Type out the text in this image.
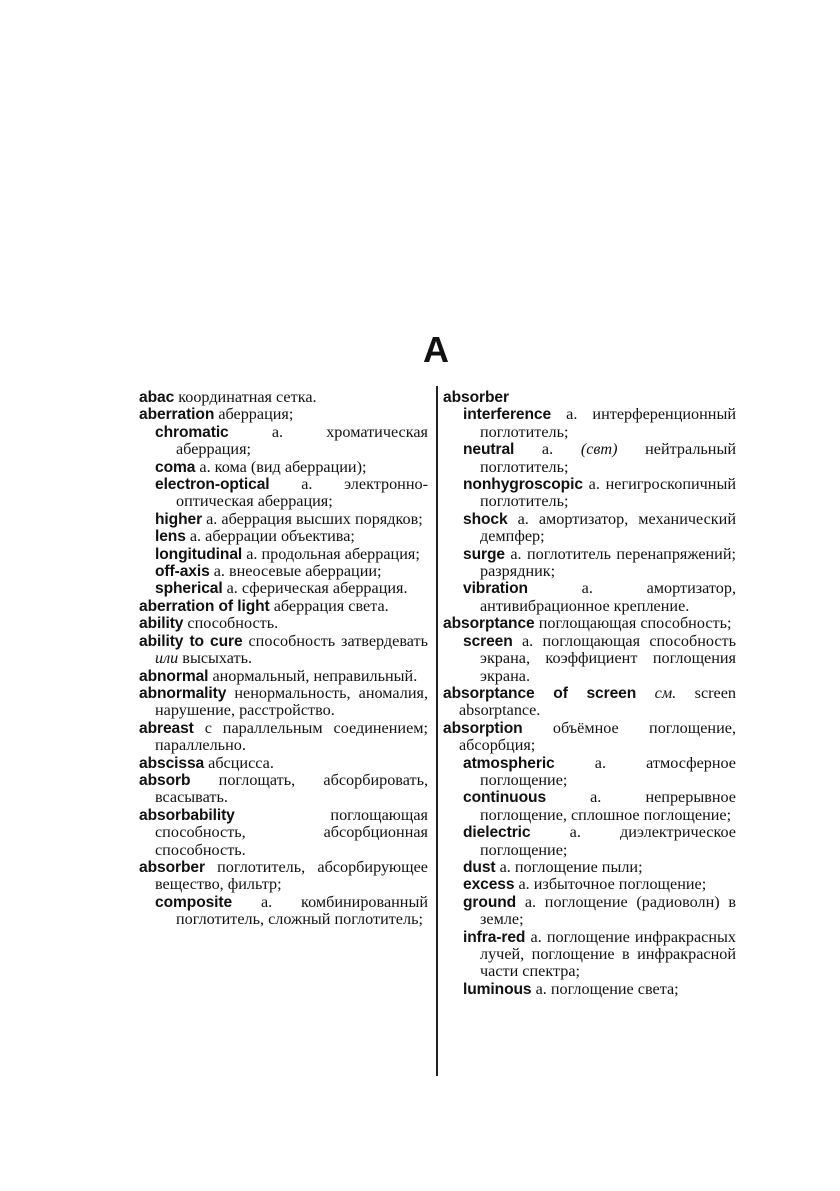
A
abac координатная сетка.
aberration аберрация;
chromatic a. хроматическая аберрация;
coma a. кома (вид аберрации);
electron-optical a. электронно-оптическая аберрация;
higher a. аберрация высших порядков;
lens a. аберрации объектива;
longitudinal a. продольная аберрация;
off-axis a. внеосевые аберрации;
spherical a. сферическая аберрация.
aberration of light аберрация света.
ability способность.
ability to cure способность затвердевать или высыхать.
abnormal анормальный, неправильный.
abnormality ненормальность, аномалия, нарушение, расстройство.
abreast с параллельным соединением; параллельно.
abscissa абсцисса.
absorb поглощать, абсорбировать, всасывать.
absorbability поглощающая способность, абсорбционная способность.
absorber поглотитель, абсорбирующее вещество, фильтр;
composite a. комбинированный поглотитель, сложный поглотитель;
absorber
interference a. интерференционный поглотитель;
neutral a. (свт) нейтральный поглотитель;
nonhygroscopic a. негигроскопичный поглотитель;
shock a. амортизатор, механический демпфер;
surge a. поглотитель перенапряжений; разрядник;
vibration a. амортизатор, антивибрационное крепление.
absorptance поглощающая способность;
screen a. поглощающая способность экрана, коэффициент поглощения экрана.
absorptance of screen см. screen absorptance.
absorption объёмное поглощение, абсорбция;
atmospheric a. атмосферное поглощение;
continuous a. непрерывное поглощение, сплошное поглощение;
dielectric a. диэлектрическое поглощение;
dust a. поглощение пыли;
excess a. избыточное поглощение;
ground a. поглощение (радиоволн) в земле;
infra-red a. поглощение инфракрасных лучей, поглощение в инфракрасной части спектра;
luminous a. поглощение света;
